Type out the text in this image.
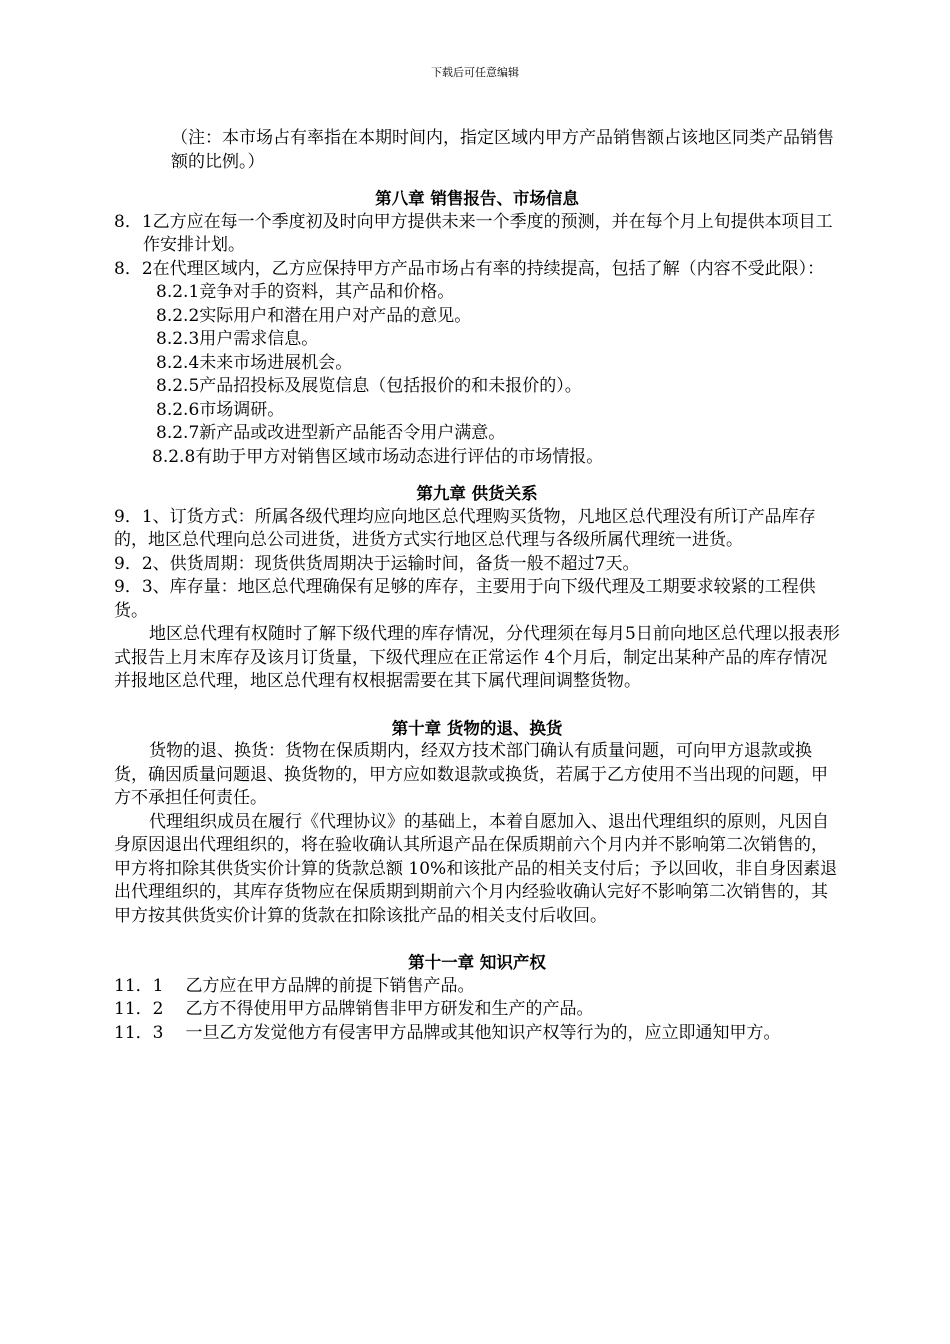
下载后可任意编辑

（注：本市场占有率指在本期时间内，指定区域内甲方产品销售额占该地区同类产品销售额的比例。）

第八章 销售报告、市场信息

8．1乙方应在每一个季度初及时向甲方提供未来一个季度的预测，并在每个月上旬提供本项目工作安排计划。

8．2在代理区域内，乙方应保持甲方产品市场占有率的持续提高，包括了解（内容不受此限）：

8.2.1竞争对手的资料，其产品和价格。

8.2.2实际用户和潜在用户对产品的意见。

8.2.3用户需求信息。

8.2.4未来市场进展机会。

8.2.5产品招投标及展览信息（包括报价的和未报价的）。

8.2.6市场调研。

8.2.7新产品或改进型新产品能否令用户满意。

8.2.8有助于甲方对销售区域市场动态进行评估的市场情报。

第九章 供货关系

9．1、订货方式：所属各级代理均应向地区总代理购买货物，凡地区总代理没有所订产品库存的，地区总代理向总公司进货，进货方式实行地区总代理与各级所属代理统一进货。

9．2、供货周期：现货供货周期决于运输时间，备货一般不超过7天。

9．3、库存量：地区总代理确保有足够的库存，主要用于向下级代理及工期要求较紧的工程供货。

地区总代理有权随时了解下级代理的库存情况，分代理须在每月5日前向地区总代理以报表形式报告上月末库存及该月订货量，下级代理应在正常运作 4个月后，制定出某种产品的库存情况并报地区总代理，地区总代理有权根据需要在其下属代理间调整货物。

第十章 货物的退、换货

货物的退、换货：货物在保质期内，经双方技术部门确认有质量问题，可向甲方退款或换货，确因质量问题退、换货物的，甲方应如数退款或换货，若属于乙方使用不当出现的问题，甲方不承担任何责任。

代理组织成员在履行《代理协议》的基础上，本着自愿加入、退出代理组织的原则，凡因自身原因退出代理组织的，将在验收确认其所退产品在保质期前六个月内并不影响第二次销售的，甲方将扣除其供货实价计算的货款总额 10%和该批产品的相关支付后；予以回收，非自身因素退出代理组织的，其库存货物应在保质期到期前六个月内经验收确认完好不影响第二次销售的，其甲方按其供货实价计算的货款在扣除该批产品的相关支付后收回。

第十一章 知识产权

11．1 乙方应在甲方品牌的前提下销售产品。

11．2 乙方不得使用甲方品牌销售非甲方研发和生产的产品。

11．3 一旦乙方发觉他方有侵害甲方品牌或其他知识产权等行为的，应立即通知甲方。
